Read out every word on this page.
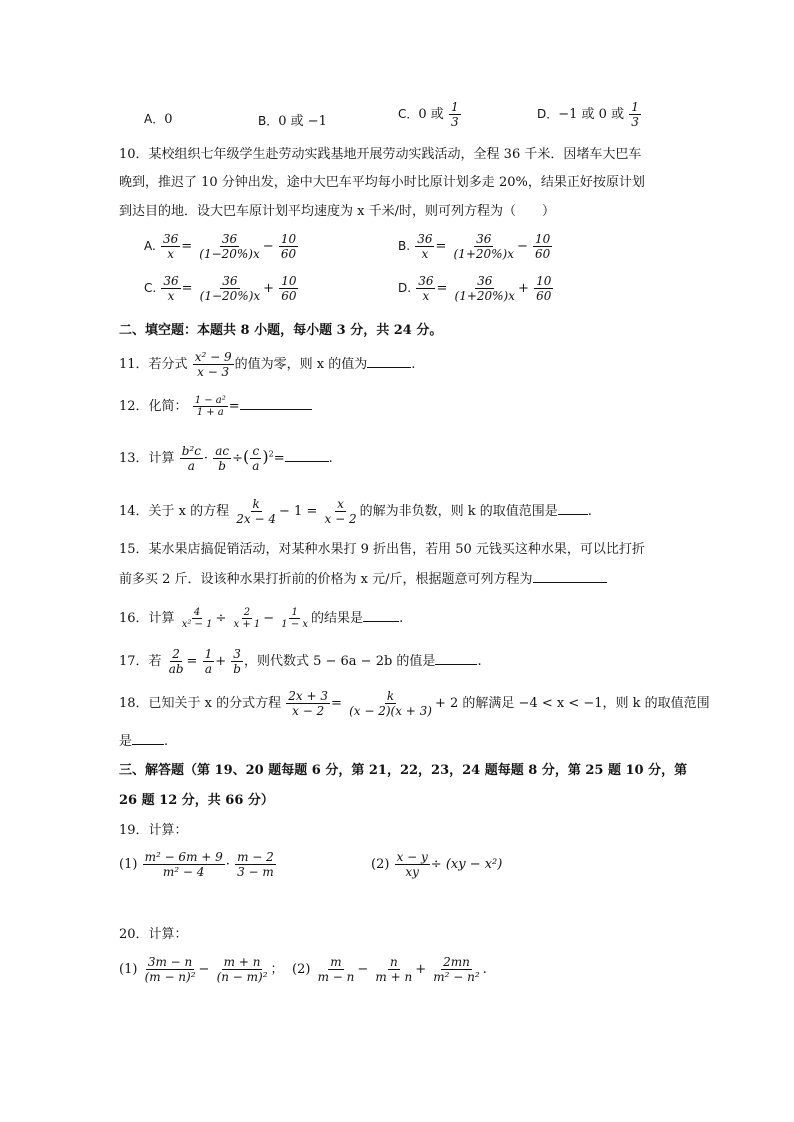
A．0	B．0 或 −1	C．0 或 $\frac{1}{3}$	D．−1 或 0 或 $\frac{1}{3}$
10．某校组织七年级学生赴劳动实践基地开展劳动实践活动，全程 36 千米．因堵车大巴车
晚到，推迟了 10 分钟出发，途中大巴车平均每小时比原计划多走 20%，结果正好按原计划
到达目的地．设大巴车原计划平均速度为 x 千米/时，则可列方程为（　　）
A. $\frac{36}{x} = \frac{36}{(1-20\%)x} - \frac{10}{60}$	B. $\frac{36}{x} = \frac{36}{(1+20\%)x} - \frac{10}{60}$
C. $\frac{36}{x} = \frac{36}{(1-20\%)x} + \frac{10}{60}$	D. $\frac{36}{x} = \frac{36}{(1+20\%)x} + \frac{10}{60}$
二、填空题：本题共 8 小题，每小题 3 分，共 24 分。
11．若分式 $\frac{\text{x² − 9}}{x - 3}$ 的值为零，则 x 的值为	.
12．化简： $\frac{\text{1 − a²}}{1 + a}$ =
13．计算 $\frac{\text{b²c}}{a} \cdot \frac{ac}{b}$ ÷( $\frac{c}{a} )^2=$	.
14．关于 x 的方程 $\frac{k}{2x - 4} - 1 = \frac{x}{x - 2}$ 的解为非负数，则 k 的取值范围是 .
15．某水果店搞促销活动，对某种水果打 9 折出售，若用 50 元钱买这种水果，可以比打折
前多买 2 斤．设该种水果打折前的价格为 x 元/斤，根据题意可列方程为
16．计算 $\frac{4}{\text{x² − 1}} \div \frac{2}{x + 1} - \frac{1}{1 - x}$ 的结果是	.
17．若 $\frac{2}{ab} = \frac{1}{a} + \frac{3}{b}$ ，则代数式 5 − 6a − 2b 的值是	.
18．已知关于 x 的分式方程 $\frac{2x + 3}{x - 2} = \frac{k}{(x - 2)(x + 3)} + 2$ 的解满足 −4 < x < −1，则 k 的取值范围
是 .
三、解答题（第 19、20 题每题 6 分，第 21，22，23，24 题每题 8 分，第 25 题 10 分，第
26 题 12 分，共 66 分）
19．计算：
$(1) \frac{\text{m² − 6m + 9}}{\text{m² − 4}} \cdot \frac{m - 2}{3 - m}$	$(2) \frac{x - y}{xy} \div (xy - x^2)$
20．计算：
$(1) \frac{3m - n}{\text{(m − n)²}} - \frac{m + n}{\text{(n − m)²}}$ ； $(2) \frac{m}{m - n} - \frac{n}{m + n} + \frac{2mn}{\text{m² − n²}}$ .
